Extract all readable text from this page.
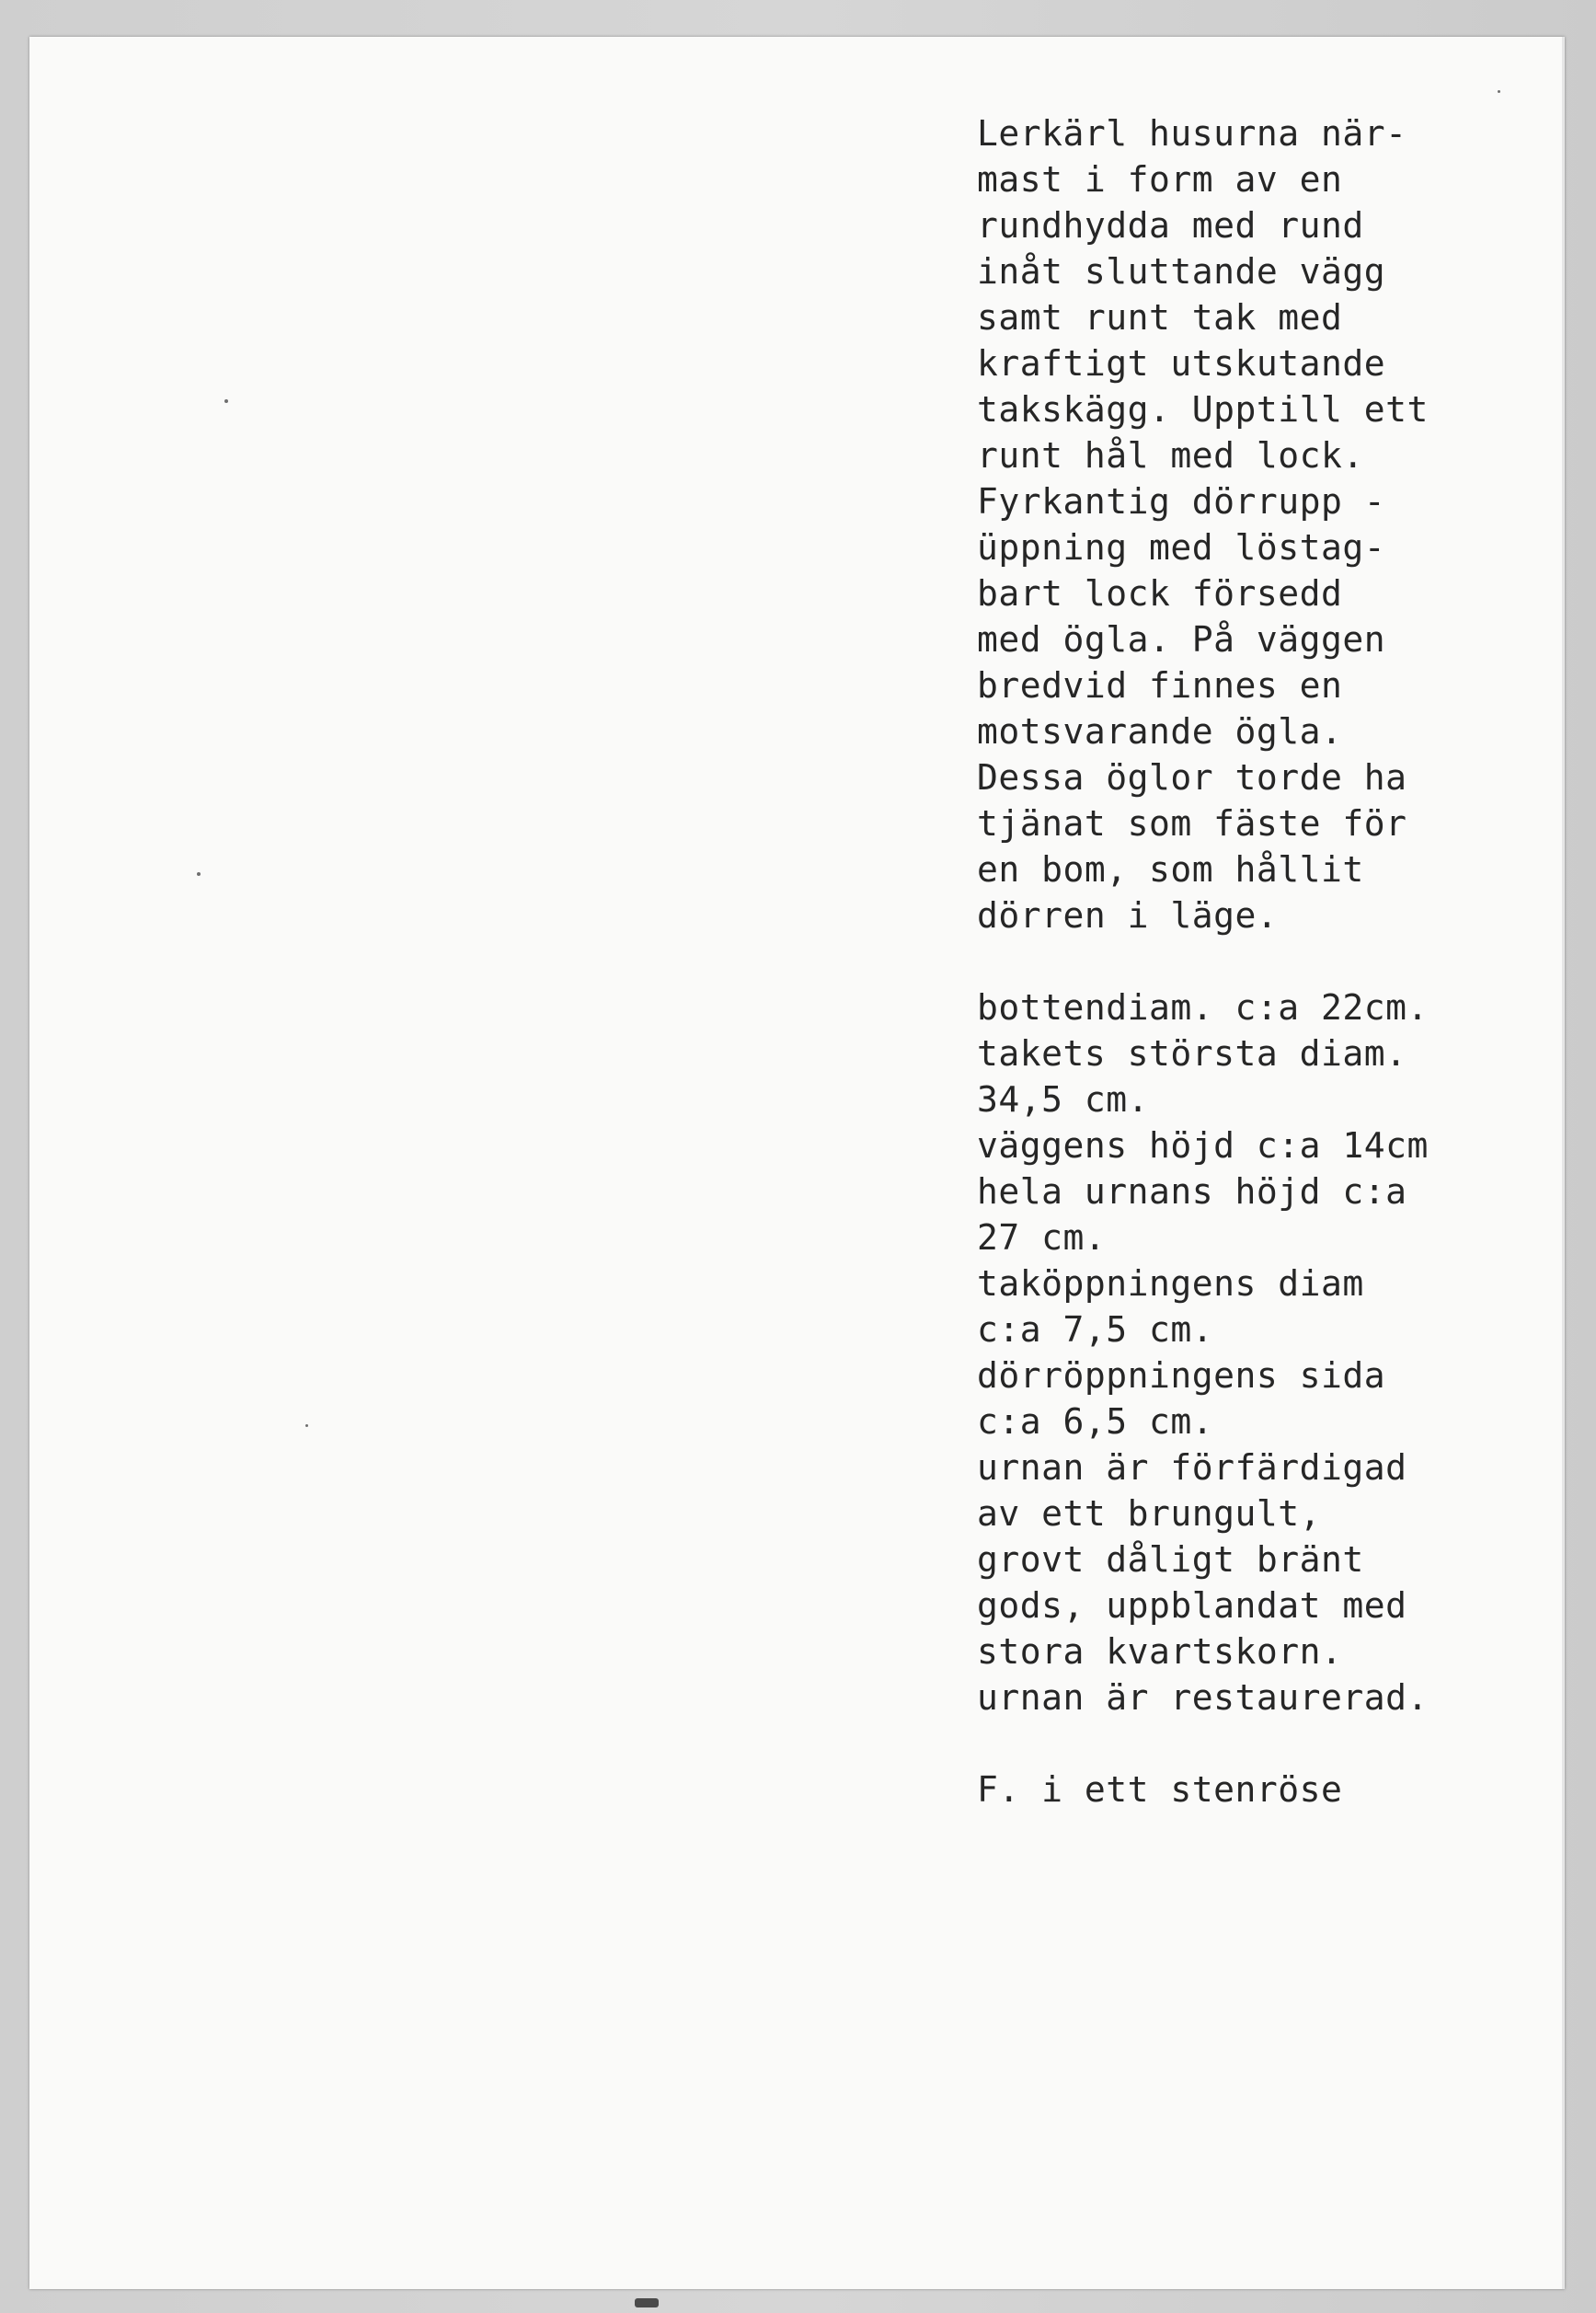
Lerkärl husurna när-
mast i form av en
rundhydda med rund
inåt sluttande vägg
samt runt tak med
kraftigt utskutande
takskägg. Upptill ett
runt hål med lock.
Fyrkantig dörrupp -
üppning med löstag-
bart lock försedd
med ögla. På väggen
bredvid finnes en
motsvarande ögla.
Dessa öglor torde ha
tjänat som fäste för
en bom, som hållit
dörren i läge.
bottendiam. c:a 22cm.
takets största diam.
34,5 cm.
väggens höjd c:a 14cm
hela urnans höjd c:a
27 cm.
taköppningens diam
c:a 7,5 cm.
dörröppningens sida
c:a 6,5 cm.
urnan är förfärdigad
av ett brungult,
grovt dåligt bränt
gods, uppblandat med
stora kvartskorn.
urnan är restaurerad.
F. i ett stenröse
